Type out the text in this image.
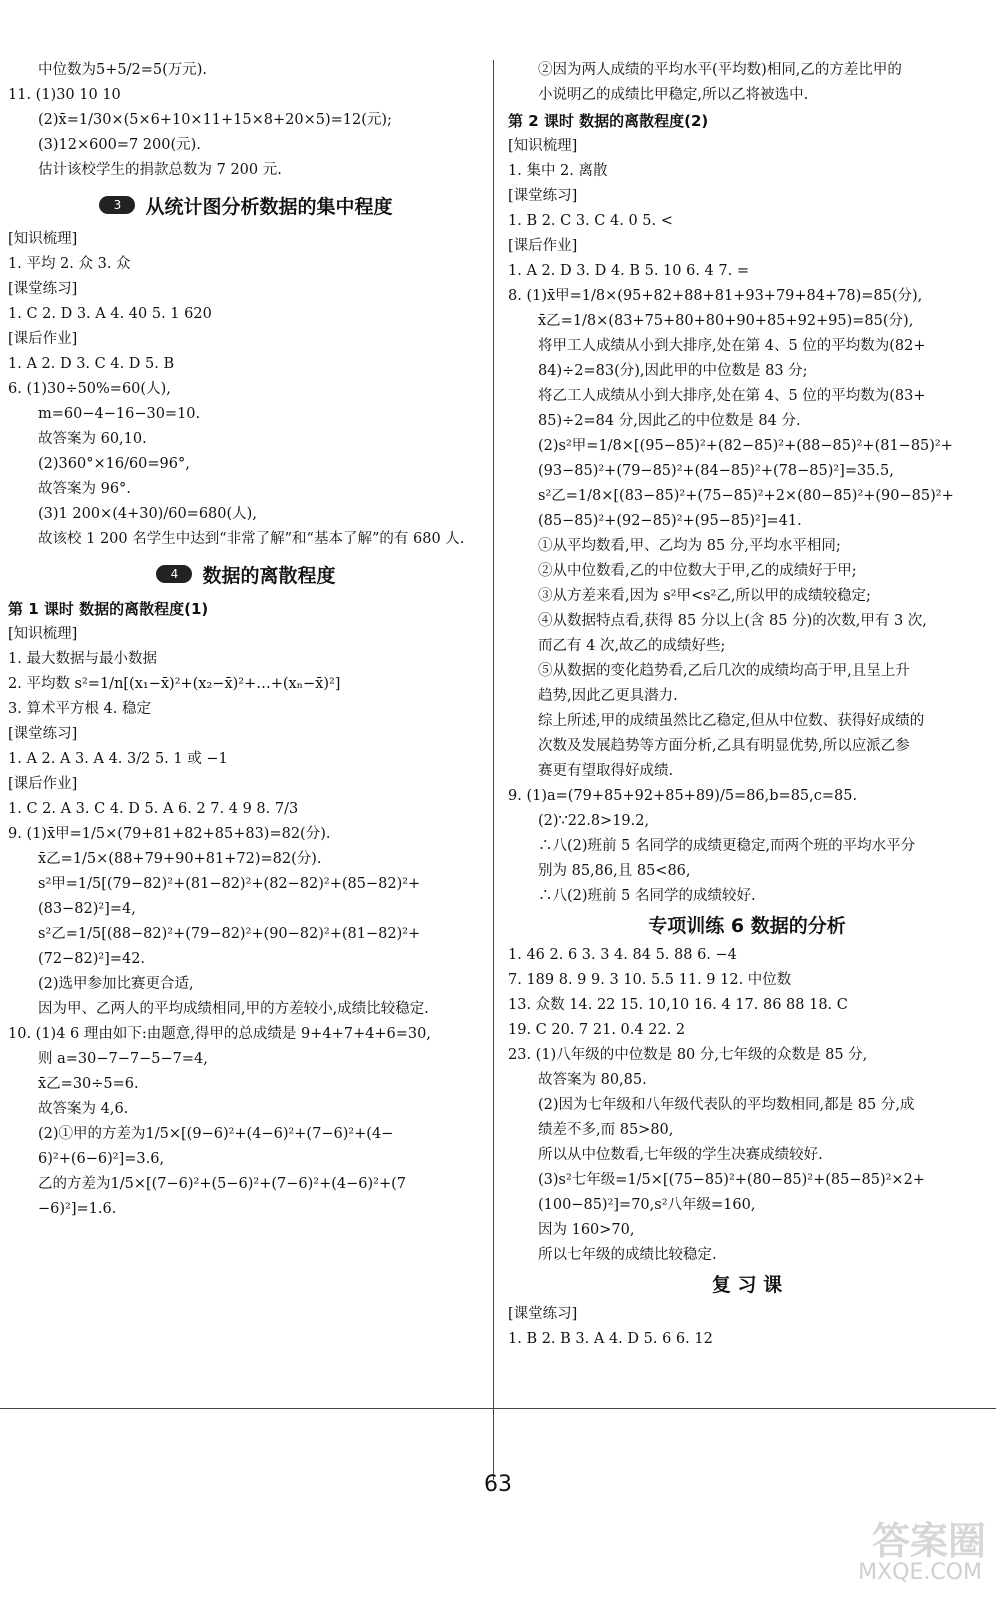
中位数为5+5/2=5(万元).
11. (1)30 10 10
(2)x̄=1/30×(5×6+10×11+15×8+20×5)=12(元);
(3)12×600=7 200(元).
估计该校学生的捐款总数为 7 200 元.
3	从统计图分析数据的集中程度
[知识梳理]
1. 平均 2. 众 3. 众
[课堂练习]
1. C 2. D 3. A 4. 40 5. 1 620
[课后作业]
1. A 2. D 3. C 4. D 5. B
6. (1)30÷50%=60(人),
m=60−4−16−30=10.
故答案为 60,10.
(2)360°×16/60=96°,
故答案为 96°.
(3)1 200×(4+30)/60=680(人),
故该校 1 200 名学生中达到“非常了解”和“基本了解”的有 680 人.
4	数据的离散程度
第 1 课时 数据的离散程度(1)
[知识梳理]
1. 最大数据与最小数据
2. 平均数 s²=1/n[(x₁−x̄)²+(x₂−x̄)²+…+(xₙ−x̄)²]
3. 算术平方根 4. 稳定
[课堂练习]
1. A 2. A 3. A 4. 3/2 5. 1 或 −1
[课后作业]
1. C 2. A 3. C 4. D 5. A 6. 2 7. 4 9 8. 7/3
9. (1)x̄甲=1/5×(79+81+82+85+83)=82(分).
x̄乙=1/5×(88+79+90+81+72)=82(分).
s²甲=1/5[(79−82)²+(81−82)²+(82−82)²+(85−82)²+
(83−82)²]=4,
s²乙=1/5[(88−82)²+(79−82)²+(90−82)²+(81−82)²+
(72−82)²]=42.
(2)选甲参加比赛更合适,
因为甲、乙两人的平均成绩相同,甲的方差较小,成绩比较稳定.
10. (1)4 6 理由如下:由题意,得甲的总成绩是 9+4+7+4+6=30,
则 a=30−7−7−5−7=4,
x̄乙=30÷5=6.
故答案为 4,6.
(2)①甲的方差为1/5×[(9−6)²+(4−6)²+(7−6)²+(4−
6)²+(6−6)²]=3.6,
乙的方差为1/5×[(7−6)²+(5−6)²+(7−6)²+(4−6)²+(7
−6)²]=1.6.
②因为两人成绩的平均水平(平均数)相同,乙的方差比甲的
小说明乙的成绩比甲稳定,所以乙将被选中.
第 2 课时 数据的离散程度(2)
[知识梳理]
1. 集中 2. 离散
[课堂练习]
1. B 2. C 3. C 4. 0 5. <
[课后作业]
1. A 2. D 3. D 4. B 5. 10 6. 4 7. =
8. (1)x̄甲=1/8×(95+82+88+81+93+79+84+78)=85(分),
x̄乙=1/8×(83+75+80+80+90+85+92+95)=85(分),
将甲工人成绩从小到大排序,处在第 4、5 位的平均数为(82+
84)÷2=83(分),因此甲的中位数是 83 分;
将乙工人成绩从小到大排序,处在第 4、5 位的平均数为(83+
85)÷2=84 分,因此乙的中位数是 84 分.
(2)s²甲=1/8×[(95−85)²+(82−85)²+(88−85)²+(81−85)²+
(93−85)²+(79−85)²+(84−85)²+(78−85)²]=35.5,
s²乙=1/8×[(83−85)²+(75−85)²+2×(80−85)²+(90−85)²+
(85−85)²+(92−85)²+(95−85)²]=41.
①从平均数看,甲、乙均为 85 分,平均水平相同;
②从中位数看,乙的中位数大于甲,乙的成绩好于甲;
③从方差来看,因为 s²甲<s²乙,所以甲的成绩较稳定;
④从数据特点看,获得 85 分以上(含 85 分)的次数,甲有 3 次,
而乙有 4 次,故乙的成绩好些;
⑤从数据的变化趋势看,乙后几次的成绩均高于甲,且呈上升
趋势,因此乙更具潜力.
综上所述,甲的成绩虽然比乙稳定,但从中位数、获得好成绩的
次数及发展趋势等方面分析,乙具有明显优势,所以应派乙参
赛更有望取得好成绩.
9. (1)a=(79+85+92+85+89)/5=86,b=85,c=85.
(2)∵22.8>19.2,
∴八(2)班前 5 名同学的成绩更稳定,而两个班的平均水平分
别为 85,86,且 85<86,
∴八(2)班前 5 名同学的成绩较好.
专项训练 6 数据的分析
1. 46 2. 6 3. 3 4. 84 5. 88 6. −4
7. 189 8. 9 9. 3 10. 5.5 11. 9 12. 中位数
13. 众数 14. 22 15. 10,10 16. 4 17. 86 88 18. C
19. C 20. 7 21. 0.4 22. 2
23. (1)八年级的中位数是 80 分,七年级的众数是 85 分,
故答案为 80,85.
(2)因为七年级和八年级代表队的平均数相同,都是 85 分,成
绩差不多,而 85>80,
所以从中位数看,七年级的学生决赛成绩较好.
(3)s²七年级=1/5×[(75−85)²+(80−85)²+(85−85)²×2+
(100−85)²]=70,s²八年级=160,
因为 160>70,
所以七年级的成绩比较稳定.
复 习 课
[课堂练习]
1. B 2. B 3. A 4. D 5. 6 6. 12
63
答案圈
MXQE.COM
